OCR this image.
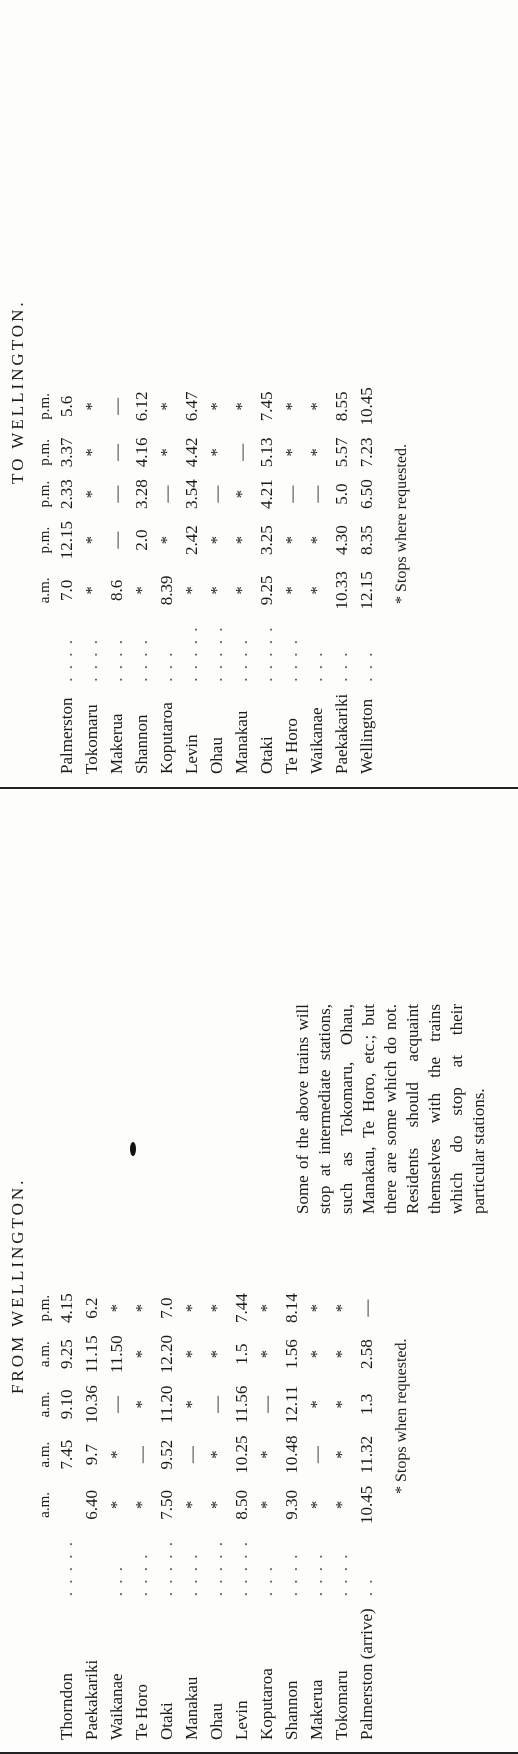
FROM WELLINGTON.
		a.m.	a.m.	a.m.	a.m.	p.m.
Thorndon	. . . . .		7.45	9.10	9.25	4.15
Paekakariki		6.40	9.7	10.36	11.15	6.2
Waikanae	. . .	*	*	—	11.50	*
Te Horo	. . . .	*	—	*	*	*
Otaki	. . . . .	7.50	9.52	11.20	12.20	7.0
Manakau	. . . .	*	—	*	*	*
Ohau	. . . . .	*	*	—	*	*
Levin	. . . . .	8.50	10.25	11.56	1.5	7.44
Koputaroa	. . .	*	*	—	*	*
Shannon	. . . .	9.30	10.48	12.11	1.56	8.14
Makerua	. . . .	*	—	*	*	*
Tokomaru	. . . .	*	*	*	*	*
Palmerston (arrive)	. .	10.45	11.32	1.3	2.58	—
* Stops when requested.
Some of the above trains will stop at intermediate stations, such as Tokomaru, Ohau, Manakau, Te Horo, etc.; but there are some which do not. Residents should acquaint themselves with the trains which do stop at their particular stations.
TO WELLINGTON.
		a.m.	p.m.	p.m.	p.m.	p.m.
Palmerston	. . . .	7.0	12.15	2.33	3.37	5.6
Tokomaru	. . . .	*	*	*	*	*
Makerua	. . . .	8.6	—	—	—	—
Shannon	. . . .	*	2.0	3.28	4.16	6.12
Koputaroa	. . .	8.39	*	—	*	*
Levin	. . . . .	*	2.42	3.54	4.42	6.47
Ohau	. . . . .	*	*	—	*	*
Manakau	. . . .	*	*	*	—	*
Otaki	. . . . .	9.25	3.25	4.21	5.13	7.45
Te Horo	. . . .	*	*	—	*	*
Waikanae	. . .	*	*	—	*	*
Paekakariki	. . .	10.33	4.30	5.0	5.57	8.55
Wellington	. . .	12.15	8.35	6.50	7.23	10.45
* Stops where requested.
